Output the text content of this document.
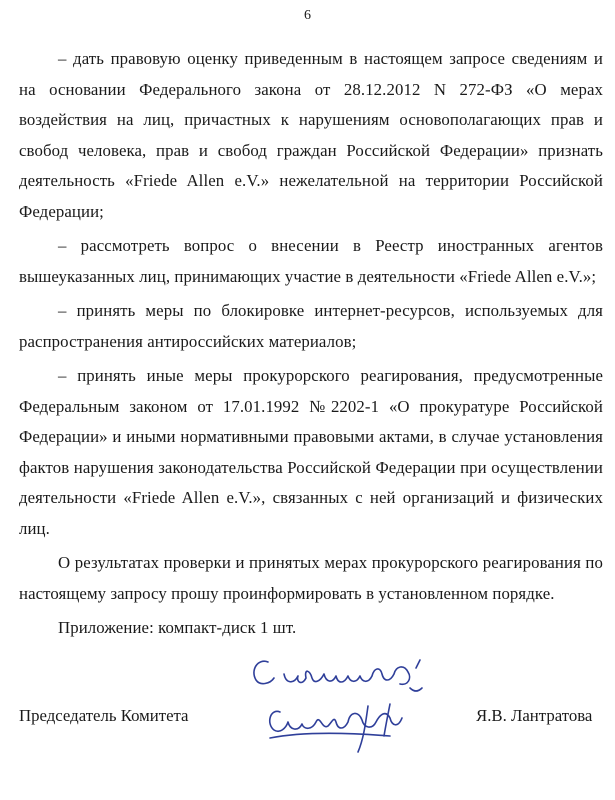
6

– дать правовую оценку приведенным в настоящем запросе сведениям и на основании Федерального закона от 28.12.2012 N 272-ФЗ «О мерах воздействия на лиц, причастных к нарушениям основополагающих прав и свобод человека, прав и свобод граждан Российской Федерации» признать деятельность «Friede Allen e.V.» нежелательной на территории Российской Федерации;

– рассмотреть вопрос о внесении в Реестр иностранных агентов вышеуказанных лиц, принимающих участие в деятельности «Friede Allen e.V.»;

– принять меры по блокировке интернет-ресурсов, используемых для распространения антироссийских материалов;

– принять иные меры прокурорского реагирования, предусмотренные Федеральным законом от 17.01.1992 №2202-1 «О прокуратуре Российской Федерации» и иными нормативными правовыми актами, в случае установления фактов нарушения законодательства Российской Федерации при осуществлении деятельности «Friede Allen e.V.», связанных с ней организаций и физических лиц.

О результатах проверки и принятых мерах прокурорского реагирования по настоящему запросу прошу проинформировать в установленном порядке.

Приложение: компакт-диск 1 шт.

Председатель Комитета	Я.В. Лантратова
